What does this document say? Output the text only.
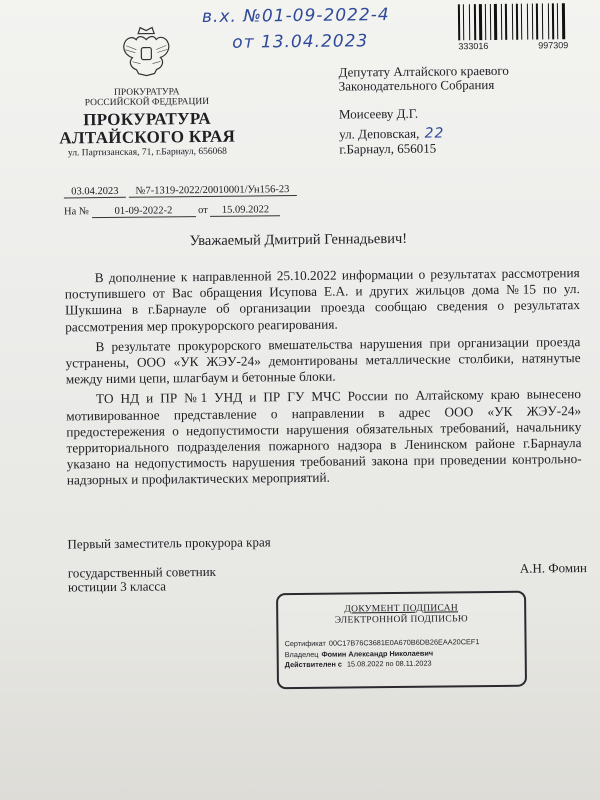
в.х. №01-09-2022-4
от 13.04.2023	333016	997309
ПРОКУРАТУРА
РОССИЙСКОЙ ФЕДЕРАЦИИ
ПРОКУРАТУРА
АЛТАЙСКОГО КРАЯ
ул. Партизанская, 71, г.Барнаул, 656068
Депутату Алтайского краевого
Законодательного Собрания
Моисееву Д.Г.
ул. Деповская, 22
г.Барнаул, 656015
03.04.2023 №7-1319-2022/20010001/Ун156-23
На № 01-09-2022-2 от 15.09.2022
Уважаемый Дмитрий Геннадьевич!

В дополнение к направленной 25.10.2022 информации о результатах рассмотрения поступившего от Вас обращения Исупова Е.А. и других жильцов дома №15 по ул. Шукшина в г.Барнауле об организации проезда сообщаю сведения о результатах рассмотрения мер прокурорского реагирования.

В результате прокурорского вмешательства нарушения при организации проезда устранены, ООО «УК ЖЭУ-24» демонтированы металлические столбики, натянутые между ними цепи, шлагбаум и бетонные блоки.

ТО НД и ПР №1 УНД и ПР ГУ МЧС России по Алтайскому краю вынесено мотивированное представление о направлении в адрес ООО «УК ЖЭУ-24» предостережения о недопустимости нарушения обязательных требований, начальнику территориального подразделения пожарного надзора в Ленинском районе г.Барнаула указано на недопустимость нарушения требований закона при проведении контрольно-надзорных и профилактических мероприятий.

Первый заместитель прокурора края
государственный советник
юстиции 3 класса
А.Н. Фомин
ДОКУМЕНТ ПОДПИСАН
ЭЛЕКТРОННОЙ ПОДПИСЬЮ
Сертификат 00C17B76C3681E0A670B6DB26EAA20CEF1
Владелец Фомин Александр Николаевич
Действителен с 15.08.2022 по 08.11.2023
